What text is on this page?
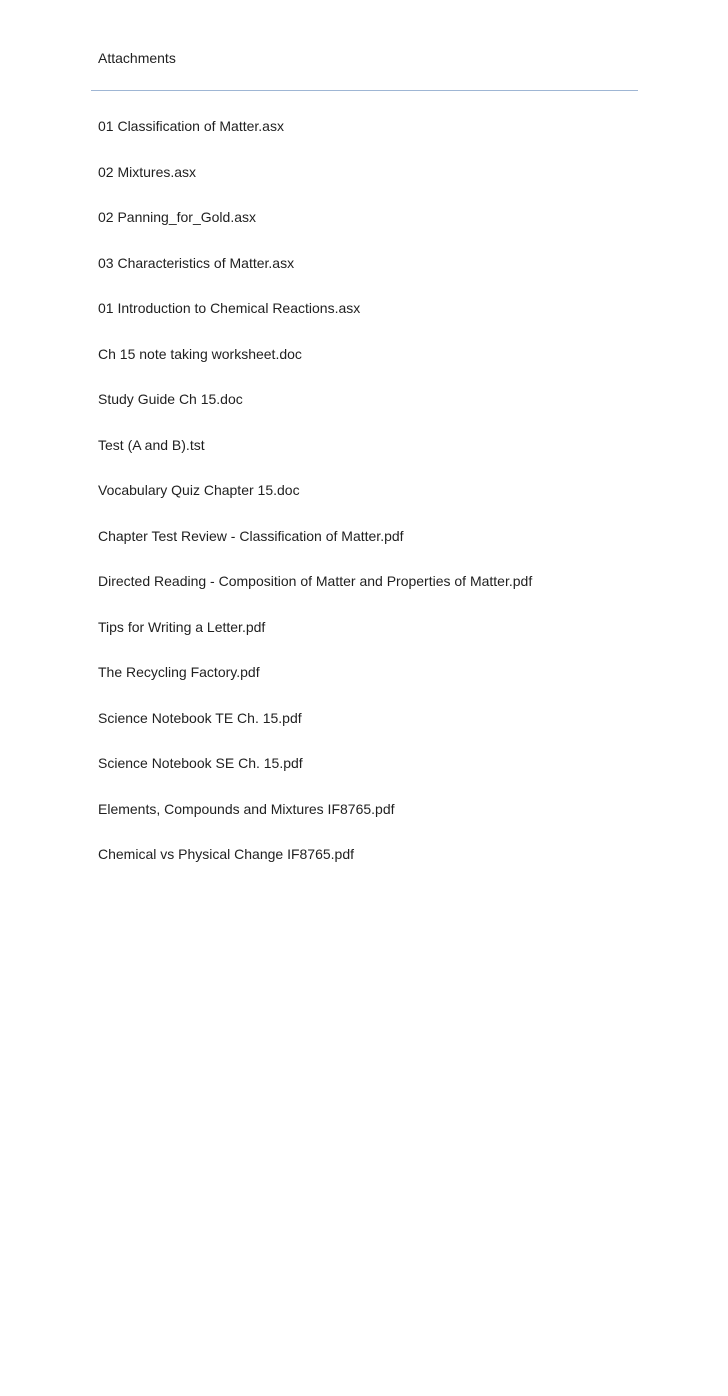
Attachments
01 Classification of Matter.asx
02 Mixtures.asx
02 Panning_for_Gold.asx
03 Characteristics of Matter.asx
01 Introduction to Chemical Reactions.asx
Ch 15 note taking worksheet.doc
Study Guide Ch 15.doc
Test (A and B).tst
Vocabulary Quiz Chapter 15.doc
Chapter Test Review - Classification of Matter.pdf
Directed Reading - Composition of Matter and Properties of Matter.pdf
Tips for Writing a Letter.pdf
The Recycling Factory.pdf
Science Notebook TE Ch. 15.pdf
Science Notebook SE Ch. 15.pdf
Elements, Compounds and Mixtures IF8765.pdf
Chemical vs Physical Change IF8765.pdf
